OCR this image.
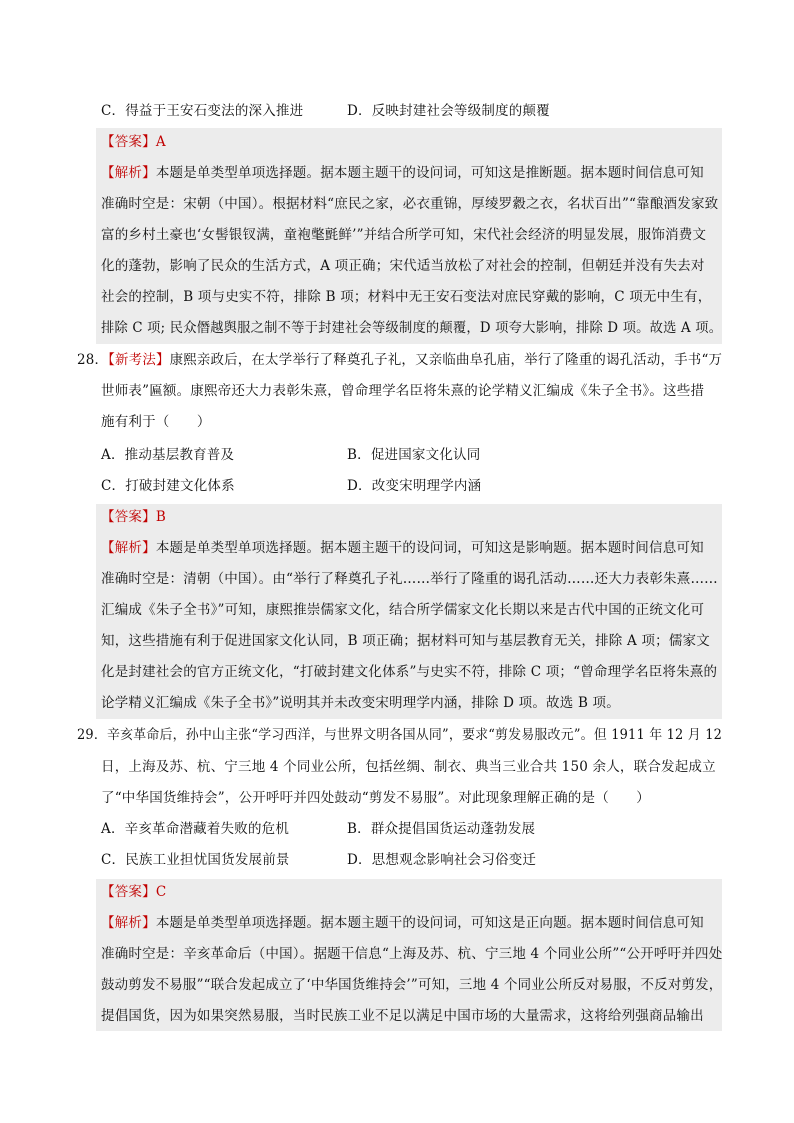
C．得益于王安石变法的深入推进	D．反映封建社会等级制度的颠覆
【答案】A
【解析】本题是单类型单项选择题。据本题主题干的设问词，可知这是推断题。据本题时间信息可知
准确时空是：宋朝（中国）。根据材料“庶民之家，必衣重锦，厚绫罗縠之衣，名状百出”“靠酿酒发家致
富的乡村土豪也‘女髻银钗满，童袍氅氈鲜’”并结合所学可知，宋代社会经济的明显发展，服饰消费文
化的蓬勃，影响了民众的生活方式，A 项正确；宋代适当放松了对社会的控制，但朝廷并没有失去对
社会的控制，B 项与史实不符，排除 B 项；材料中无王安石变法对庶民穿戴的影响，C 项无中生有，
排除 C 项; 民众僭越舆服之制不等于封建社会等级制度的颠覆，D 项夸大影响，排除 D 项。故选 A 项。
28．【新考法】康熙亲政后，在太学举行了释奠孔子礼，又亲临曲阜孔庙，举行了隆重的谒孔活动，手书“万
世师表”匾额。康熙帝还大力表彰朱熹，曾命理学名臣将朱熹的论学精义汇编成《朱子全书》。这些措
施有利于（　　）
A．推动基层教育普及	B．促进国家文化认同
C．打破封建文化体系	D．改变宋明理学内涵
【答案】B
【解析】本题是单类型单项选择题。据本题主题干的设问词，可知这是影响题。据本题时间信息可知
准确时空是：清朝（中国）。由“举行了释奠孔子礼……举行了隆重的谒孔活动……还大力表彰朱熹……
汇编成《朱子全书》”可知，康熙推崇儒家文化，结合所学儒家文化长期以来是古代中国的正统文化可
知，这些措施有利于促进国家文化认同，B 项正确；据材料可知与基层教育无关，排除 A 项；儒家文
化是封建社会的官方正统文化，“打破封建文化体系”与史实不符，排除 C 项；“曾命理学名臣将朱熹的
论学精义汇编成《朱子全书》”说明其并未改变宋明理学内涵，排除 D 项。故选 B 项。
29．辛亥革命后，孙中山主张“学习西洋，与世界文明各国从同”，要求“剪发易服改元”。但 1911 年 12 月 12
日，上海及苏、杭、宁三地 4 个同业公所，包括丝绸、制衣、典当三业合共 150 余人，联合发起成立
了“中华国货维持会”，公开呼吁并四处鼓动“剪发不易服”。对此现象理解正确的是（　　）
A．辛亥革命潜藏着失败的危机	B．群众提倡国货运动蓬勃发展
C．民族工业担忧国货发展前景	D．思想观念影响社会习俗变迁
【答案】C
【解析】本题是单类型单项选择题。据本题主题干的设问词，可知这是正向题。据本题时间信息可知
准确时空是：辛亥革命后（中国）。据题干信息“上海及苏、杭、宁三地 4 个同业公所”“公开呼吁并四处
鼓动剪发不易服”“联合发起成立了‘中华国货维持会’”可知，三地 4 个同业公所反对易服，不反对剪发，
提倡国货，因为如果突然易服，当时民族工业不足以满足中国市场的大量需求，这将给列强商品输出
